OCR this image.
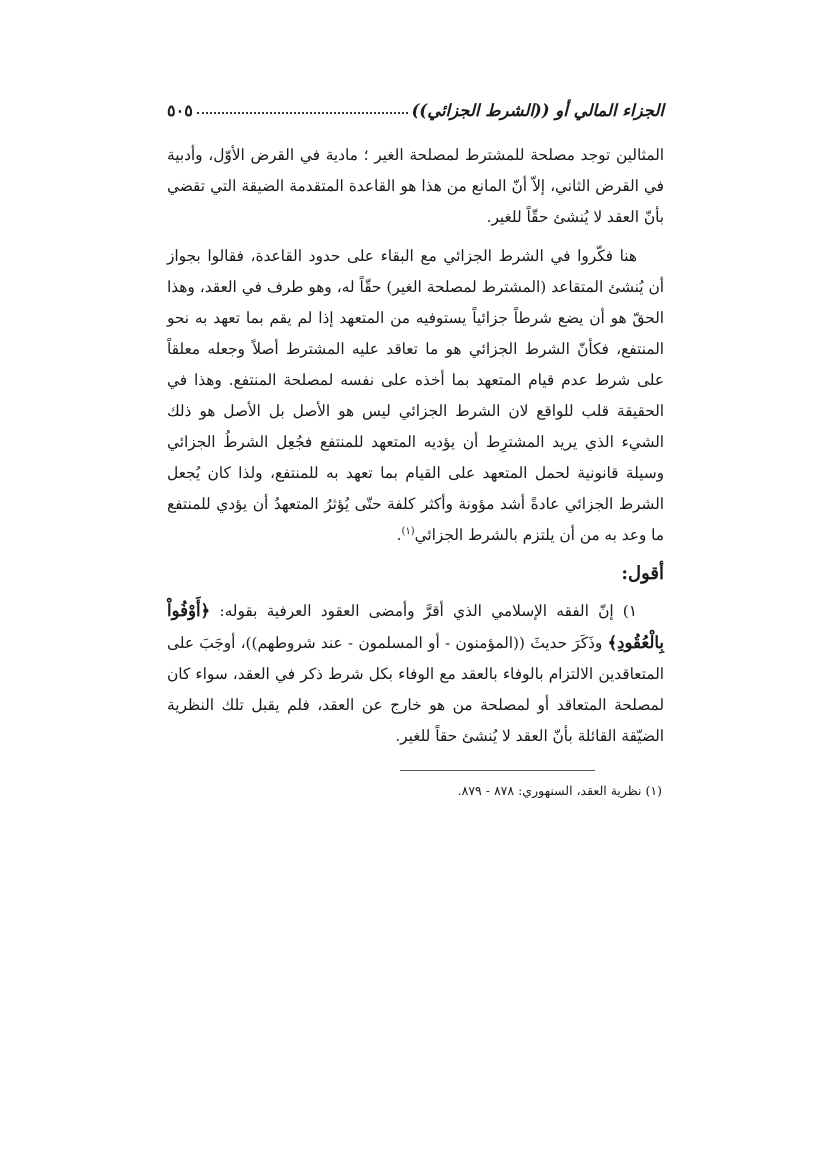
الجزاء المالي أو ((الشرط الجزائي))
٥٠٥

المثالين توجد مصلحة للمشترط لمصلحة الغير ؛ مادية في القرض الأوّل، وأدبية في القرض الثاني، إلاّ أنّ المانع من هذا هو القاعدة المتقدمة الضيقة التي تقضي بأنّ العقد لا يُنشئ حقّاً للغير.

هنا فكّروا في الشرط الجزائي مع البقاء على حدود القاعدة، فقالوا بجواز أن يُنشئ المتقاعد (المشترط لمصلحة الغير) حقّاً له، وهو طرف في العقد، وهذا الحقّ هو أن يضع شرطاً جزائياً يستوفيه من المتعهد إذا لم يقم بما تعهد به نحو المنتفع، فكأنّ الشرط الجزائي هو ما تعاقد عليه المشترط أصلاً وجعله معلقاً على شرط عدم قيام المتعهد بما أخذه على نفسه لمصلحة المنتفع. وهذا في الحقيقة قلب للواقع لان الشرط الجزائي ليس هو الأصل بل الأصل هو ذلك الشيء الذي يريد المشترِط أن يؤديه المتعهد للمنتفع فجُعِل الشرطُ الجزائي وسيلة قانونية لحمل المتعهد على القيام بما تعهد به للمنتفع، ولذا كان يُجعل الشرط الجزائي عادةً أشد مؤونة وأكثر كلفة حتّى يُؤثرُ المتعهدُ أن يؤدي للمنتفع ما وعد به من أن يلتزم بالشرط الجزائي$^{(١)}$.

أقول:

١) إنّ الفقه الإسلامي الذي أقرَّ وأمضى العقود العرفية بقوله: ﴿أَوْفُواْ بِالْعُقُودِ﴾ وذَكَرَ حديثَ ((المؤمنون - أو المسلمون - عند شروطهم))، أوجَبَ على المتعاقدين الالتزام بالوفاء بالعقد مع الوفاء بكل شرط ذكر في العقد، سواء كان لمصلحة المتعاقد أو لمصلحة من هو خارج عن العقد، فلم يقبل تلك النظرية الضيّقة القائلة بأنّ العقد لا يُنشئ حقاً للغير.

(١) نظرية العقد، السنهوري: ٨٧٨ - ٨٧٩.
